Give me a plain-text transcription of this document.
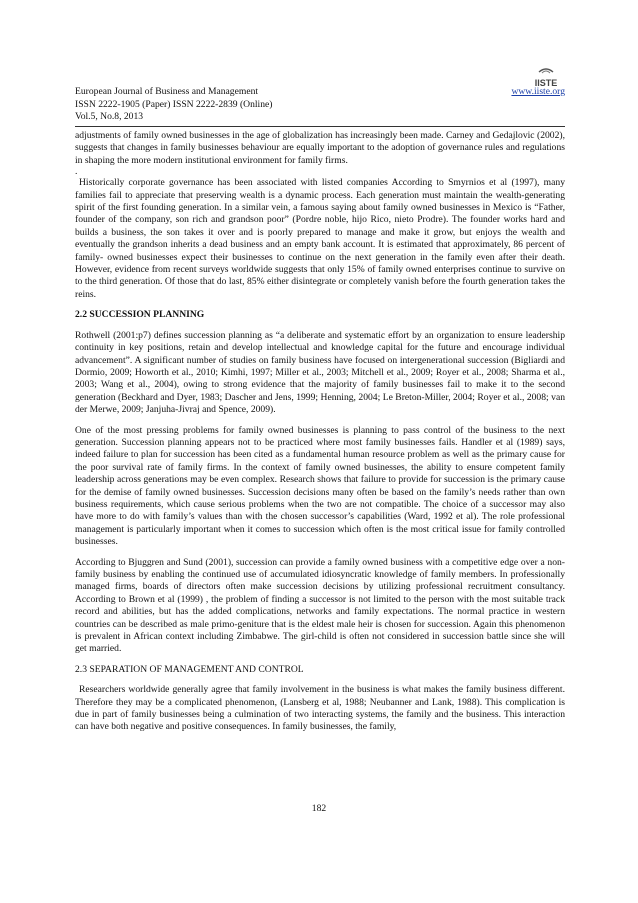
IISTE
European Journal of Business and Management	www.iiste.org
ISSN 2222-1905 (Paper) ISSN 2222-2839 (Online)
Vol.5, No.8, 2013

adjustments of family owned businesses in the age of globalization has increasingly been made. Carney and Gedajlovic (2002), suggests that changes in family businesses behaviour are equally important to the adoption of governance rules and regulations in shaping the more modern institutional environment for family firms.

.

Historically corporate governance has been associated with listed companies According to Smyrnios et al (1997), many families fail to appreciate that preserving wealth is a dynamic process. Each generation must maintain the wealth-generating spirit of the first founding generation. In a similar vein, a famous saying about family owned businesses in Mexico is “Father, founder of the company, son rich and grandson poor” (Pordre noble, hijo Rico, nieto Prodre). The founder works hard and builds a business, the son takes it over and is poorly prepared to manage and make it grow, but enjoys the wealth and eventually the grandson inherits a dead business and an empty bank account. It is estimated that approximately, 86 percent of family- owned businesses expect their businesses to continue on the next generation in the family even after their death. However, evidence from recent surveys worldwide suggests that only 15% of family owned enterprises continue to survive on to the third generation. Of those that do last, 85% either disintegrate or completely vanish before the fourth generation takes the reins.

2.2 SUCCESSION PLANNING

Rothwell (2001:p7) defines succession planning as “a deliberate and systematic effort by an organization to ensure leadership continuity in key positions, retain and develop intellectual and knowledge capital for the future and encourage individual advancement”. A significant number of studies on family business have focused on intergenerational succession (Bigliardi and Dormio, 2009; Howorth et al., 2010; Kimhi, 1997; Miller et al., 2003; Mitchell et al., 2009; Royer et al., 2008; Sharma et al., 2003; Wang et al., 2004), owing to strong evidence that the majority of family businesses fail to make it to the second generation (Beckhard and Dyer, 1983; Dascher and Jens, 1999; Henning, 2004; Le Breton-Miller, 2004; Royer et al., 2008; van der Merwe, 2009; Janjuha-Jivraj and Spence, 2009).

One of the most pressing problems for family owned businesses is planning to pass control of the business to the next generation. Succession planning appears not to be practiced where most family businesses fails. Handler et al (1989) says, indeed failure to plan for succession has been cited as a fundamental human resource problem as well as the primary cause for the poor survival rate of family firms. In the context of family owned businesses, the ability to ensure competent family leadership across generations may be even complex. Research shows that failure to provide for succession is the primary cause for the demise of family owned businesses. Succession decisions many often be based on the family’s needs rather than own business requirements, which cause serious problems when the two are not compatible. The choice of a successor may also have more to do with family’s values than with the chosen successor’s capabilities (Ward, 1992 et al). The role professional management is particularly important when it comes to succession which often is the most critical issue for family controlled businesses.

According to Bjuggren and Sund (2001), succession can provide a family owned business with a competitive edge over a non-family business by enabling the continued use of accumulated idiosyncratic knowledge of family members. In professionally managed firms, boards of directors often make succession decisions by utilizing professional recruitment consultancy. According to Brown et al (1999) , the problem of finding a successor is not limited to the person with the most suitable track record and abilities, but has the added complications, networks and family expectations. The normal practice in western countries can be described as male primo-geniture that is the eldest male heir is chosen for succession. Again this phenomenon is prevalent in African context including Zimbabwe. The girl-child is often not considered in succession battle since she will get married.

2.3 SEPARATION OF MANAGEMENT AND CONTROL

Researchers worldwide generally agree that family involvement in the business is what makes the family business different. Therefore they may be a complicated phenomenon, (Lansberg et al, 1988; Neubanner and Lank, 1988). This complication is due in part of family businesses being a culmination of two interacting systems, the family and the business. This interaction can have both negative and positive consequences. In family businesses, the family,

182
